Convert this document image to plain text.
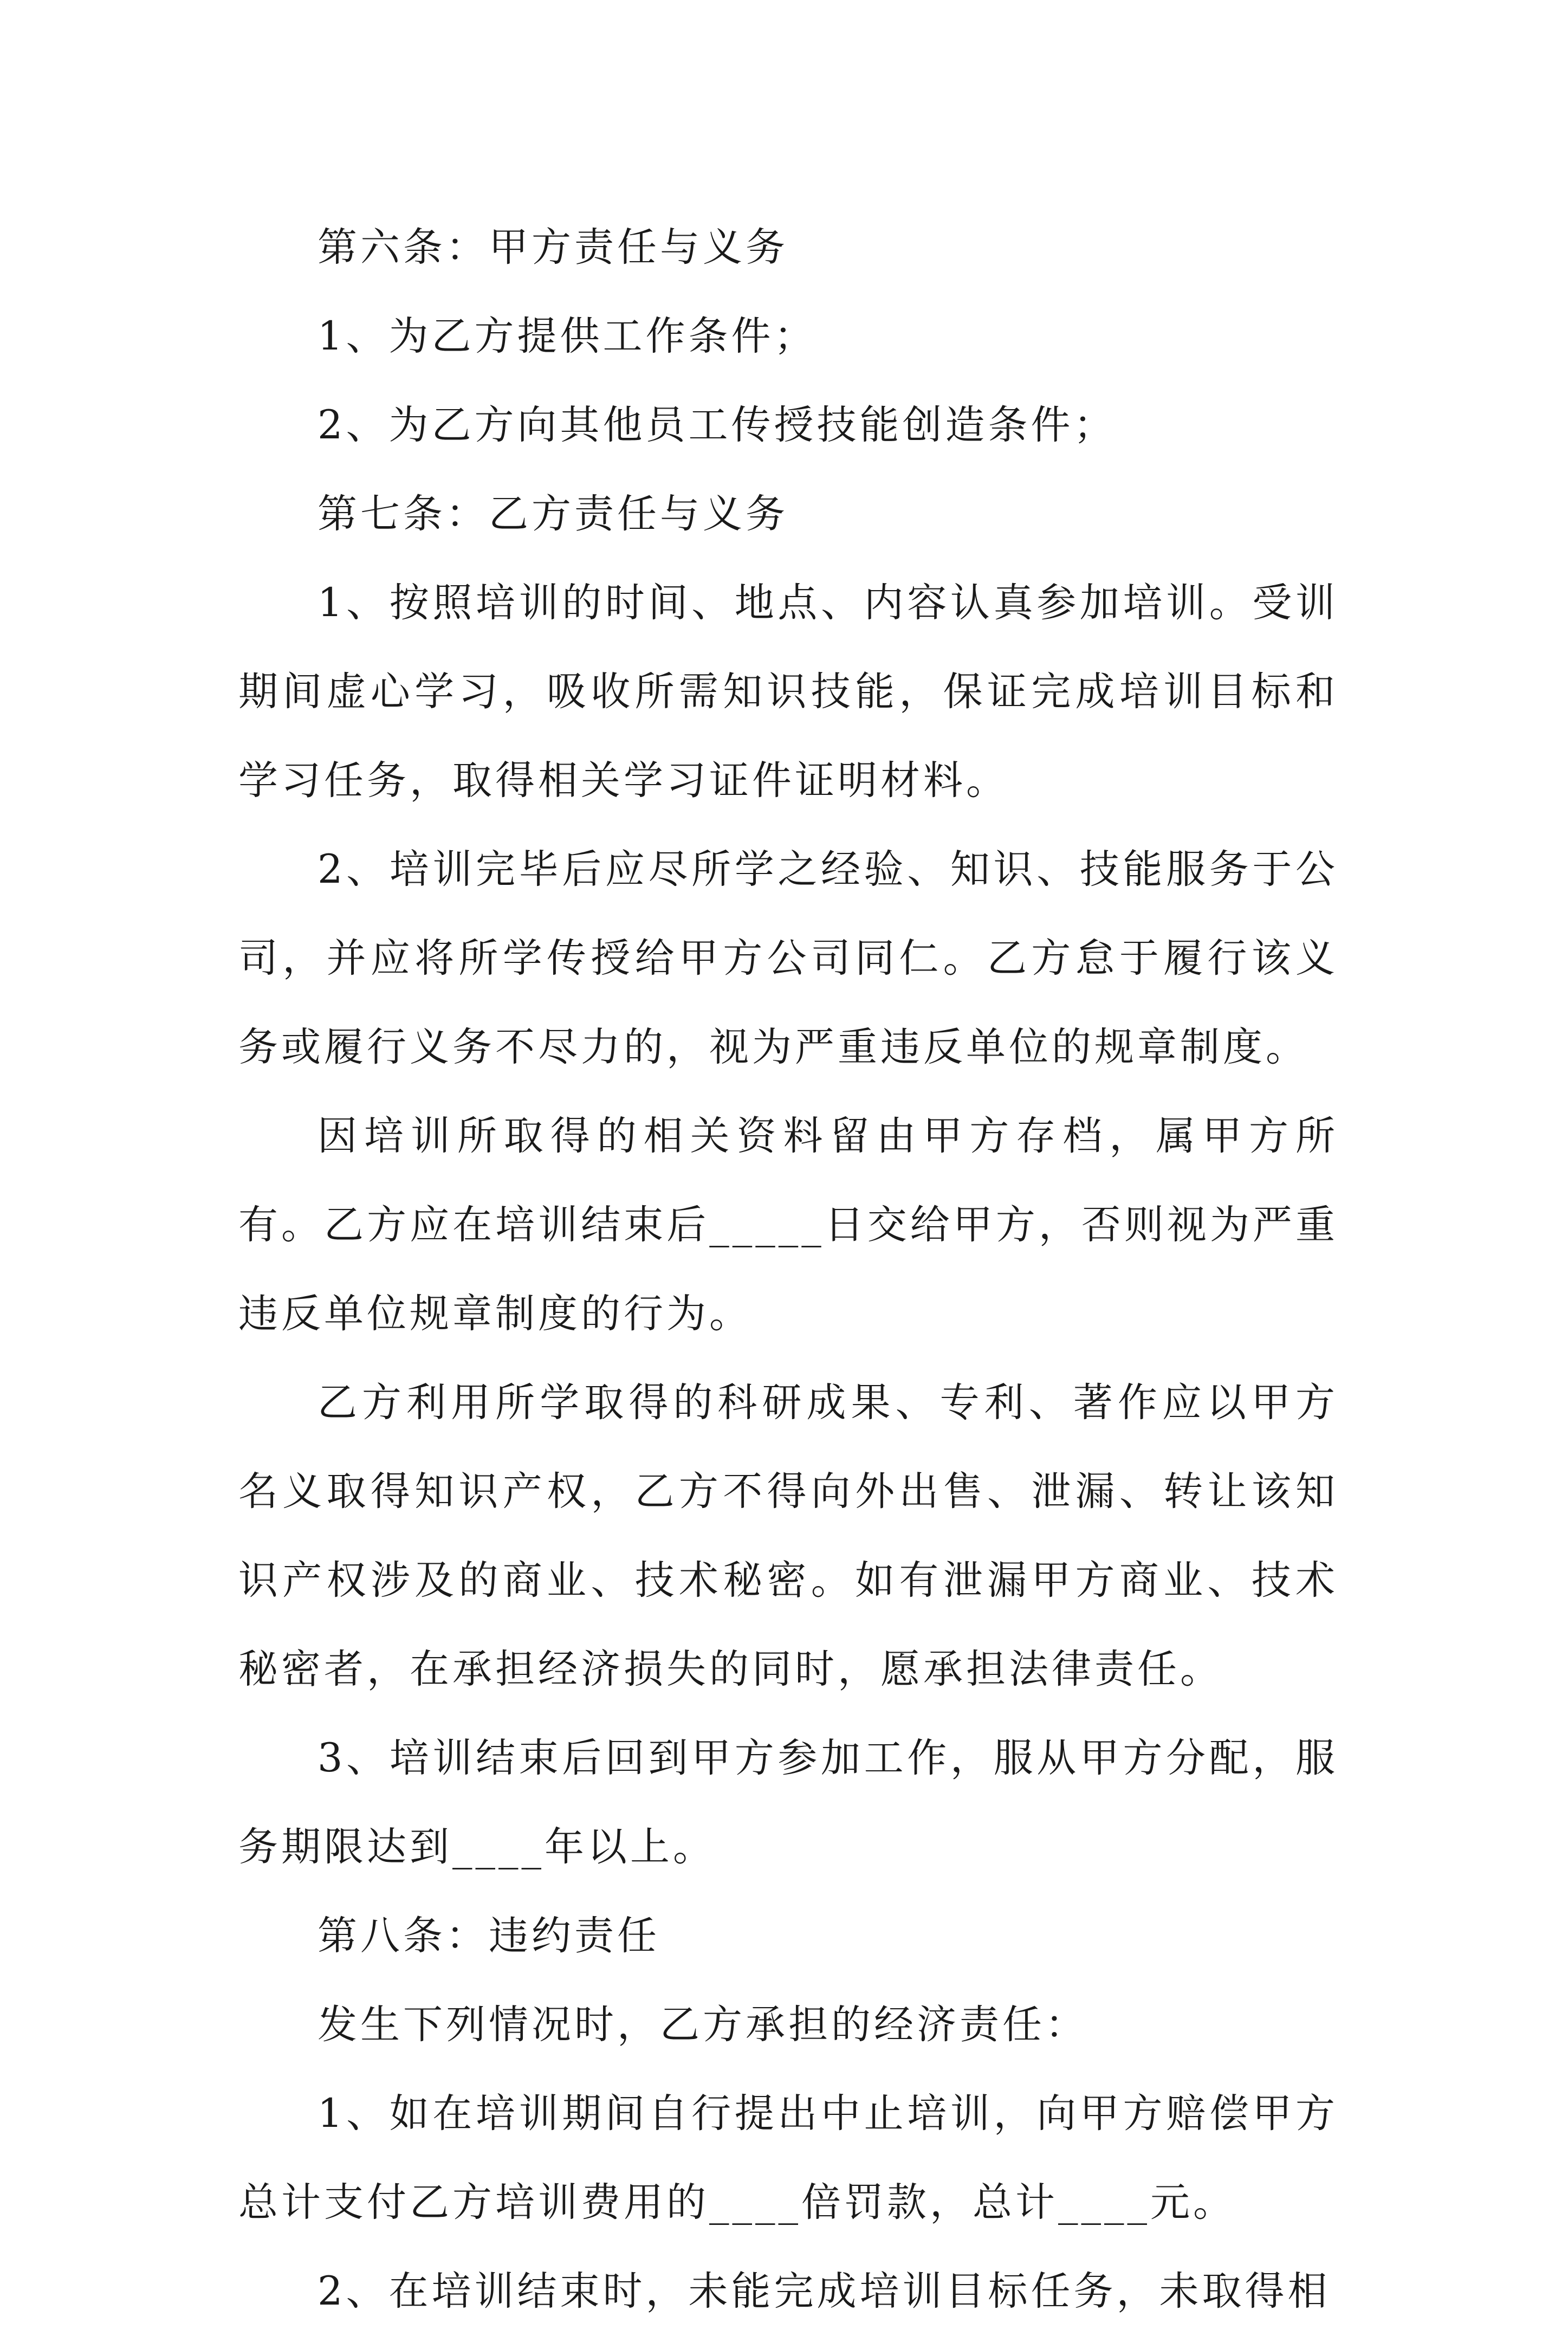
第六条：甲方责任与义务

1、为乙方提供工作条件；

2、为乙方向其他员工传授技能创造条件；

第七条：乙方责任与义务

1、按照培训的时间、地点、内容认真参加培训。受训期间虚心学习，吸收所需知识技能，保证完成培训目标和学习任务，取得相关学习证件证明材料。

2、培训完毕后应尽所学之经验、知识、技能服务于公司，并应将所学传授给甲方公司同仁。乙方怠于履行该义务或履行义务不尽力的，视为严重违反单位的规章制度。

因培训所取得的相关资料留由甲方存档，属甲方所有。乙方应在培训结束后_____日交给甲方，否则视为严重违反单位规章制度的行为。

乙方利用所学取得的科研成果、专利、著作应以甲方名义取得知识产权，乙方不得向外出售、泄漏、转让该知识产权涉及的商业、技术秘密。如有泄漏甲方商业、技术秘密者，在承担经济损失的同时，愿承担法律责任。

3、培训结束后回到甲方参加工作，服从甲方分配，服务期限达到____年以上。

第八条：违约责任

发生下列情况时，乙方承担的经济责任：

1、如在培训期间自行提出中止培训，向甲方赔偿甲方总计支付乙方培训费用的____倍罚款，总计____元。

2、在培训结束时，未能完成培训目标任务，未取得相
